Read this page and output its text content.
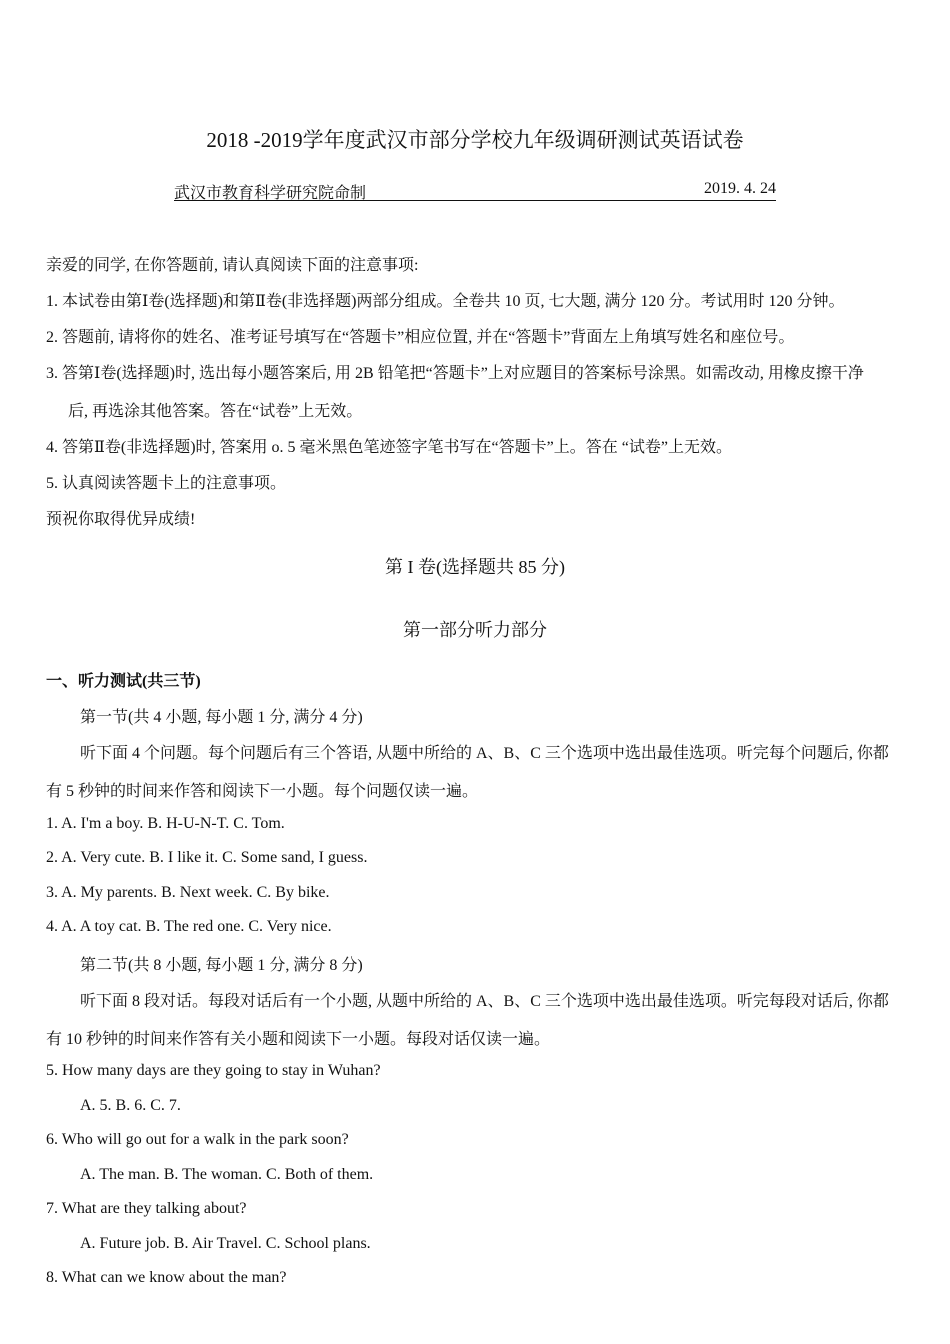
2018 -2019学年度武汉市部分学校九年级调研测试英语试卷
武汉市教育科学研究院命制	2019. 4. 24
亲爱的同学, 在你答题前, 请认真阅读下面的注意事项:
1. 本试卷由第Ⅰ卷(选择题)和第Ⅱ卷(非选择题)两部分组成。全卷共 10 页, 七大题, 满分 120 分。考试用时 120 分钟。
2. 答题前, 请将你的姓名、准考证号填写在“答题卡”相应位置, 并在“答题卡”背面左上角填写姓名和座位号。
3. 答第Ⅰ卷(选择题)时, 选出每小题答案后, 用 2B 铅笔把“答题卡”上对应题目的答案标号涂黑。如需改动, 用橡皮擦干净
后, 再选涂其他答案。答在“试卷”上无效。
4. 答第Ⅱ卷(非选择题)时, 答案用 o. 5 毫米黑色笔迹签字笔书写在“答题卡”上。答在 “试卷”上无效。
5. 认真阅读答题卡上的注意事项。
预祝你取得优异成绩!
第 I 卷(选择题共 85 分)
第一部分听力部分
一、听力测试(共三节)
第一节(共 4 小题, 每小题 1 分, 满分 4 分)
听下面 4 个问题。每个问题后有三个答语, 从题中所给的 A、B、C 三个选项中选出最佳选项。听完每个问题后, 你都
有 5 秒钟的时间来作答和阅读下一小题。每个问题仅读一遍。
1. A. I'm a boy. B. H-U-N-T. C. Tom.
2. A. Very cute. B. I like it. C. Some sand, I guess.
3. A. My parents. B. Next week. C. By bike.
4. A. A toy cat. B. The red one. C. Very nice.
第二节(共 8 小题, 每小题 1 分, 满分 8 分)
听下面 8 段对话。每段对话后有一个小题, 从题中所给的 A、B、C 三个选项中选出最佳选项。听完每段对话后, 你都
有 10 秒钟的时间来作答有关小题和阅读下一小题。每段对话仅读一遍。
5. How many days are they going to stay in Wuhan?
A. 5. B. 6. C. 7.
6. Who will go out for a walk in the park soon?
A. The man. B. The woman. C. Both of them.
7. What are they talking about?
A. Future job. B. Air Travel. C. School plans.
8. What can we know about the man?
